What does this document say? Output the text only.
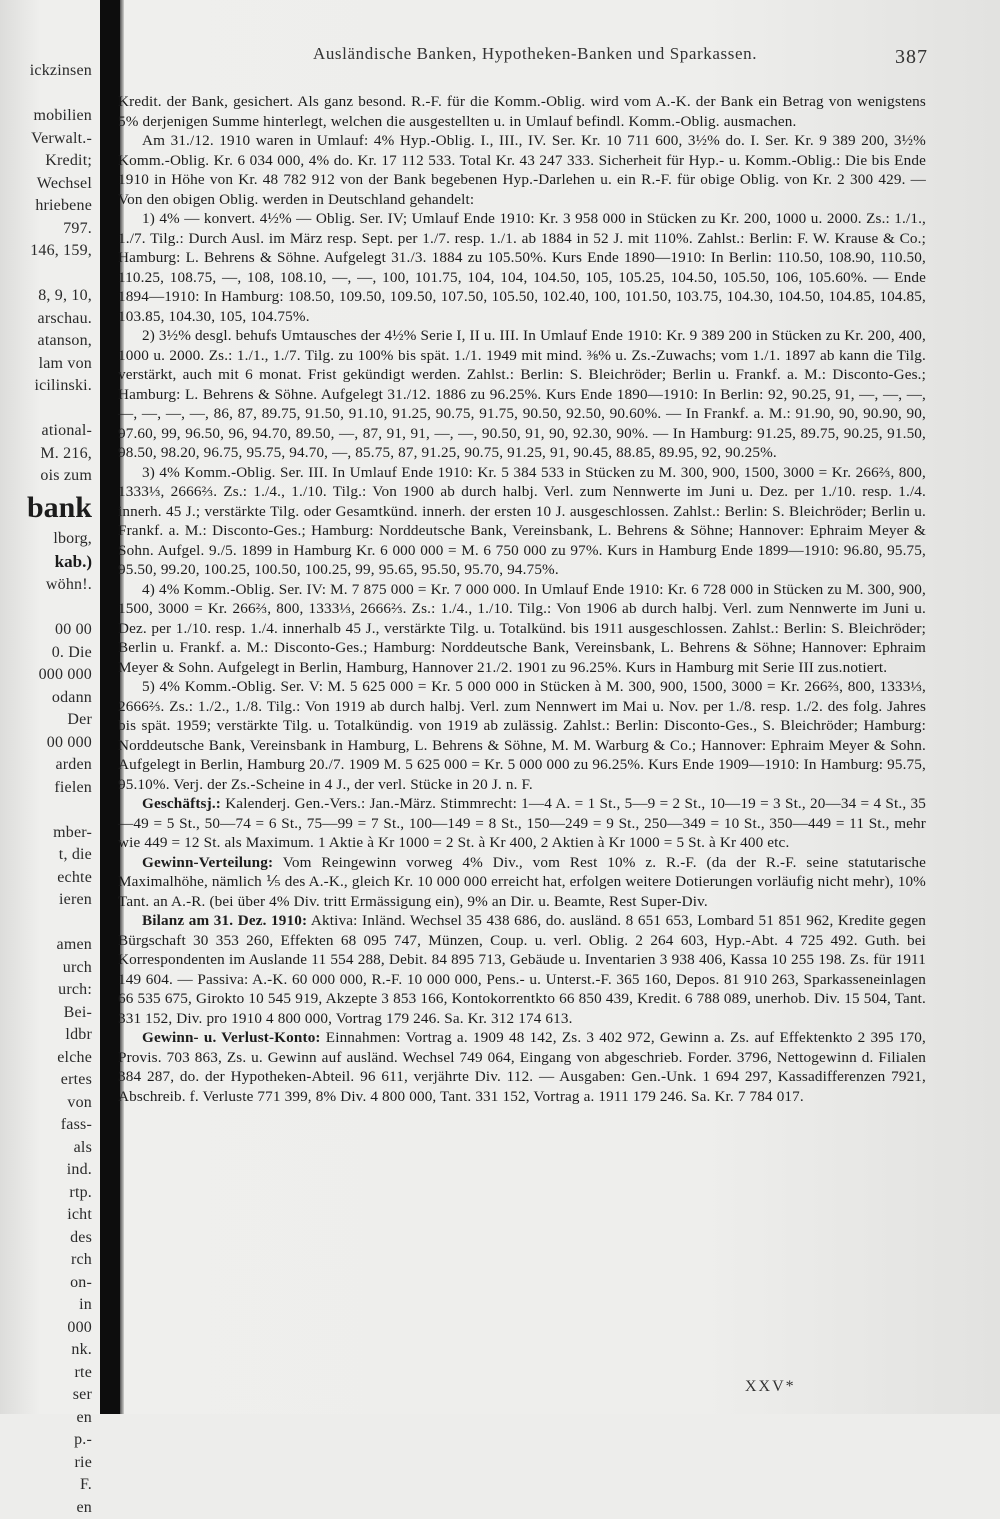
ickzinsen

mobilien
Verwalt.-
Kredit;
Wechsel
hriebene
797.
146, 159,

8, 9, 10,
arschau.
atanson,
lam von
icilinski.

ational-
M. 216,
ois zum
bank
lborg,
kab.)
wöhn!.

00 00
0. Die
000 000
odann
Der
00 000
arden
fielen

mber-
t, die
echte
ieren

amen
urch
urch:
Bei-
ldbr
elche
ertes
von
fass-
als
ind.
rtp.
icht
des
rch
on-
in
000
nk.
rte
ser
en
p.-
rie
F.
en
Ausländische Banken, Hypotheken-Banken und Sparkassen.	387

Kredit. der Bank, gesichert. Als ganz besond. R.-F. für die Komm.-Oblig. wird vom A.-K. der Bank ein Betrag von wenigstens 5% derjenigen Summe hinterlegt, welchen die ausgestellten u. in Umlauf befindl. Komm.-Oblig. ausmachen.

Am 31./12. 1910 waren in Umlauf: 4% Hyp.-Oblig. I., III., IV. Ser. Kr. 10 711 600, 3½% do. I. Ser. Kr. 9 389 200, 3½% Komm.-Oblig. Kr. 6 034 000, 4% do. Kr. 17 112 533. Total Kr. 43 247 333. Sicherheit für Hyp.- u. Komm.-Oblig.: Die bis Ende 1910 in Höhe von Kr. 48 782 912 von der Bank begebenen Hyp.-Darlehen u. ein R.-F. für obige Oblig. von Kr. 2 300 429. — Von den obigen Oblig. werden in Deutschland gehandelt:

1) 4% — konvert. 4½% — Oblig. Ser. IV; Umlauf Ende 1910: Kr. 3 958 000 in Stücken zu Kr. 200, 1000 u. 2000. Zs.: 1./1., 1./7. Tilg.: Durch Ausl. im März resp. Sept. per 1./7. resp. 1./1. ab 1884 in 52 J. mit 110%. Zahlst.: Berlin: F. W. Krause & Co.; Hamburg: L. Behrens & Söhne. Aufgelegt 31./3. 1884 zu 105.50%. Kurs Ende 1890—1910: In Berlin: 110.50, 108.90, 110.50, 110.25, 108.75, —, 108, 108.10, —, —, 100, 101.75, 104, 104, 104.50, 105, 105.25, 104.50, 105.50, 106, 105.60%. — Ende 1894—1910: In Hamburg: 108.50, 109.50, 109.50, 107.50, 105.50, 102.40, 100, 101.50, 103.75, 104.30, 104.50, 104.85, 104.85, 103.85, 104.30, 105, 104.75%.

2) 3½% desgl. behufs Umtausches der 4½% Serie I, II u. III. In Umlauf Ende 1910: Kr. 9 389 200 in Stücken zu Kr. 200, 400, 1000 u. 2000. Zs.: 1./1., 1./7. Tilg. zu 100% bis spät. 1./1. 1949 mit mind. ⅜% u. Zs.-Zuwachs; vom 1./1. 1897 ab kann die Tilg. verstärkt, auch mit 6 monat. Frist gekündigt werden. Zahlst.: Berlin: S. Bleichröder; Berlin u. Frankf. a. M.: Disconto-Ges.; Hamburg: L. Behrens & Söhne. Aufgelegt 31./12. 1886 zu 96.25%. Kurs Ende 1890—1910: In Berlin: 92, 90.25, 91, —, —, —, —, —, —, —, 86, 87, 89.75, 91.50, 91.10, 91.25, 90.75, 91.75, 90.50, 92.50, 90.60%. — In Frankf. a. M.: 91.90, 90, 90.90, 90, 97.60, 99, 96.50, 96, 94.70, 89.50, —, 87, 91, 91, —, —, 90.50, 91, 90, 92.30, 90%. — In Hamburg: 91.25, 89.75, 90.25, 91.50, 98.50, 98.20, 96.75, 95.75, 94.70, —, 85.75, 87, 91.25, 90.75, 91.25, 91, 90.45, 88.85, 89.95, 92, 90.25%.

3) 4% Komm.-Oblig. Ser. III. In Umlauf Ende 1910: Kr. 5 384 533 in Stücken zu M. 300, 900, 1500, 3000 = Kr. 266⅔, 800, 1333⅓, 2666⅔. Zs.: 1./4., 1./10. Tilg.: Von 1900 ab durch halbj. Verl. zum Nennwerte im Juni u. Dez. per 1./10. resp. 1./4. innerh. 45 J.; verstärkte Tilg. oder Gesamtkünd. innerh. der ersten 10 J. ausgeschlossen. Zahlst.: Berlin: S. Bleichröder; Berlin u. Frankf. a. M.: Disconto-Ges.; Hamburg: Norddeutsche Bank, Vereinsbank, L. Behrens & Söhne; Hannover: Ephraim Meyer & Sohn. Aufgel. 9./5. 1899 in Hamburg Kr. 6 000 000 = M. 6 750 000 zu 97%. Kurs in Hamburg Ende 1899—1910: 96.80, 95.75, 95.50, 99.20, 100.25, 100.50, 100.25, 99, 95.65, 95.50, 95.70, 94.75%.

4) 4% Komm.-Oblig. Ser. IV: M. 7 875 000 = Kr. 7 000 000. In Umlauf Ende 1910: Kr. 6 728 000 in Stücken zu M. 300, 900, 1500, 3000 = Kr. 266⅔, 800, 1333⅓, 2666⅔. Zs.: 1./4., 1./10. Tilg.: Von 1906 ab durch halbj. Verl. zum Nennwerte im Juni u. Dez. per 1./10. resp. 1./4. innerhalb 45 J., verstärkte Tilg. u. Totalkünd. bis 1911 ausgeschlossen. Zahlst.: Berlin: S. Bleichröder; Berlin u. Frankf. a. M.: Disconto-Ges.; Hamburg: Norddeutsche Bank, Vereinsbank, L. Behrens & Söhne; Hannover: Ephraim Meyer & Sohn. Aufgelegt in Berlin, Hamburg, Hannover 21./2. 1901 zu 96.25%. Kurs in Hamburg mit Serie III zus.notiert.

5) 4% Komm.-Oblig. Ser. V: M. 5 625 000 = Kr. 5 000 000 in Stücken à M. 300, 900, 1500, 3000 = Kr. 266⅔, 800, 1333⅓, 2666⅔. Zs.: 1./2., 1./8. Tilg.: Von 1919 ab durch halbj. Verl. zum Nennwert im Mai u. Nov. per 1./8. resp. 1./2. des folg. Jahres bis spät. 1959; verstärkte Tilg. u. Totalkündig. von 1919 ab zulässig. Zahlst.: Berlin: Disconto-Ges., S. Bleichröder; Hamburg: Norddeutsche Bank, Vereinsbank in Hamburg, L. Behrens & Söhne, M. M. Warburg & Co.; Hannover: Ephraim Meyer & Sohn. Aufgelegt in Berlin, Hamburg 20./7. 1909 M. 5 625 000 = Kr. 5 000 000 zu 96.25%. Kurs Ende 1909—1910: In Hamburg: 95.75, 95.10%. Verj. der Zs.-Scheine in 4 J., der verl. Stücke in 20 J. n. F.

Geschäftsj.: Kalenderj. Gen.-Vers.: Jan.-März. Stimmrecht: 1—4 A. = 1 St., 5—9 = 2 St., 10—19 = 3 St., 20—34 = 4 St., 35—49 = 5 St., 50—74 = 6 St., 75—99 = 7 St., 100—149 = 8 St., 150—249 = 9 St., 250—349 = 10 St., 350—449 = 11 St., mehr wie 449 = 12 St. als Maximum. 1 Aktie à Kr 1000 = 2 St. à Kr 400, 2 Aktien à Kr 1000 = 5 St. à Kr 400 etc.

Gewinn-Verteilung: Vom Reingewinn vorweg 4% Div., vom Rest 10% z. R.-F. (da der R.-F. seine statutarische Maximalhöhe, nämlich ⅕ des A.-K., gleich Kr. 10 000 000 erreicht hat, erfolgen weitere Dotierungen vorläufig nicht mehr), 10% Tant. an A.-R. (bei über 4% Div. tritt Ermässigung ein), 9% an Dir. u. Beamte, Rest Super-Div.

Bilanz am 31. Dez. 1910: Aktiva: Inländ. Wechsel 35 438 686, do. ausländ. 8 651 653, Lombard 51 851 962, Kredite gegen Bürgschaft 30 353 260, Effekten 68 095 747, Münzen, Coup. u. verl. Oblig. 2 264 603, Hyp.-Abt. 4 725 492. Guth. bei Korrespondenten im Auslande 11 554 288, Debit. 84 895 713, Gebäude u. Inventarien 3 938 406, Kassa 10 255 198. Zs. für 1911 149 604. — Passiva: A.-K. 60 000 000, R.-F. 10 000 000, Pens.- u. Unterst.-F. 365 160, Depos. 81 910 263, Sparkasseneinlagen 66 535 675, Girokto 10 545 919, Akzepte 3 853 166, Kontokorrentkto 66 850 439, Kredit. 6 788 089, unerhob. Div. 15 504, Tant. 331 152, Div. pro 1910 4 800 000, Vortrag 179 246. Sa. Kr. 312 174 613.

Gewinn- u. Verlust-Konto: Einnahmen: Vortrag a. 1909 48 142, Zs. 3 402 972, Gewinn a. Zs. auf Effektenkto 2 395 170, Provis. 703 863, Zs. u. Gewinn auf ausländ. Wechsel 749 064, Eingang von abgeschrieb. Forder. 3796, Nettogewinn d. Filialen 384 287, do. der Hypotheken-Abteil. 96 611, verjährte Div. 112. — Ausgaben: Gen.-Unk. 1 694 297, Kassadifferenzen 7921, Abschreib. f. Verluste 771 399, 8% Div. 4 800 000, Tant. 331 152, Vortrag a. 1911 179 246. Sa. Kr. 7 784 017.

XXV*
